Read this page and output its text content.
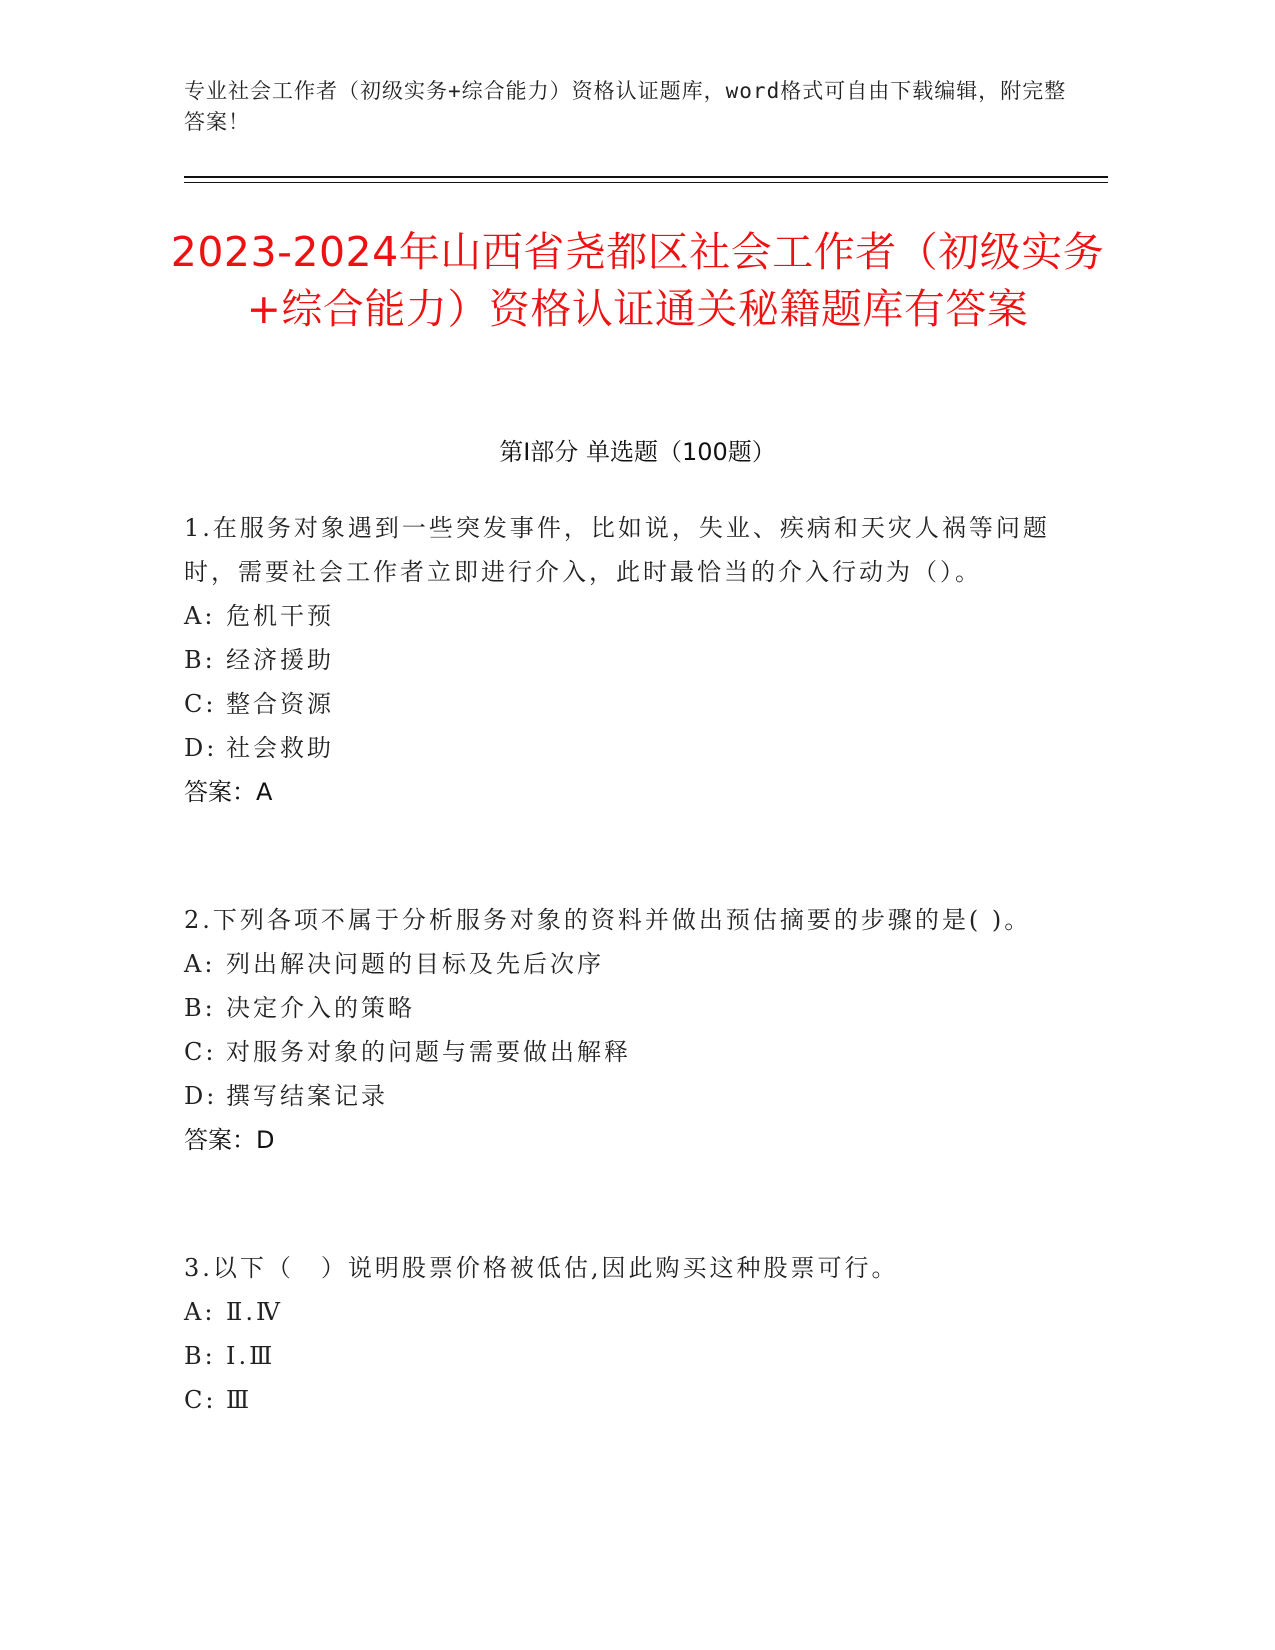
专业社会工作者（初级实务+综合能力）资格认证题库，word格式可自由下载编辑，附完整答案！
2023-2024年山西省尧都区社会工作者（初级实务+综合能力）资格认证通关秘籍题库有答案
第Ⅰ部分 单选题（100题）

1.在服务对象遇到一些突发事件，比如说，失业、疾病和天灾人祸等问题时，需要社会工作者立即进行介入，此时最恰当的介入行动为（）。

A: 危机干预

B: 经济援助

C: 整合资源

D: 社会救助

答案：A

2.下列各项不属于分析服务对象的资料并做出预估摘要的步骤的是( )。

A: 列出解决问题的目标及先后次序

B: 决定介入的策略

C: 对服务对象的问题与需要做出解释

D: 撰写结案记录

答案：D

3.以下（　）说明股票价格被低估,因此购买这种股票可行。

A: Ⅱ.Ⅳ

B: Ⅰ.Ⅲ

C: Ⅲ
